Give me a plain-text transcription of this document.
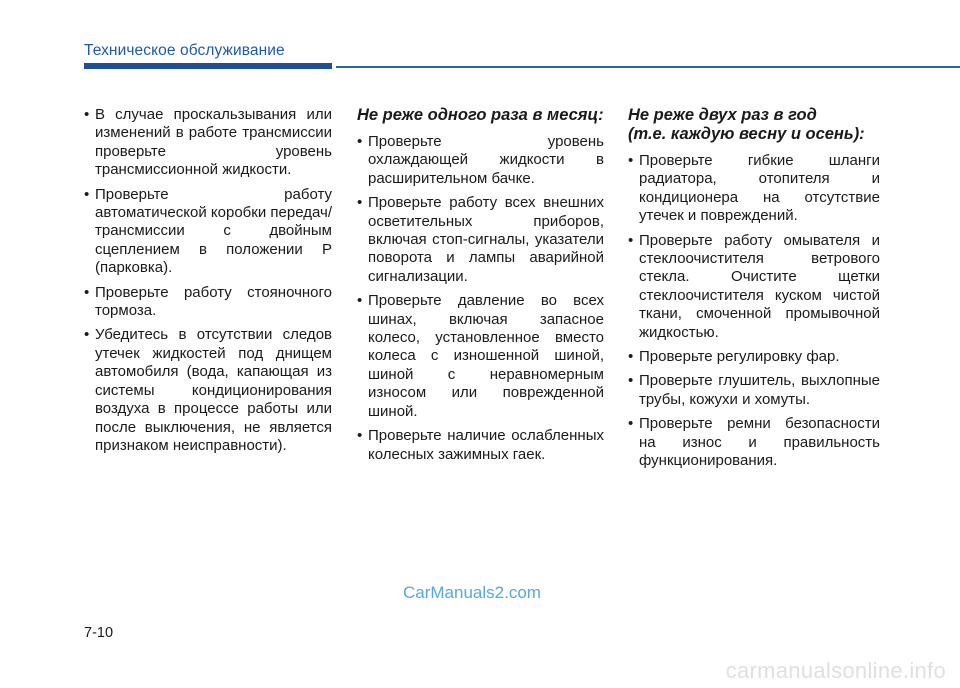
Техническое обслуживание
• В случае проскальзывания или изменений в работе трансмиссии проверьте уровень трансмиссионной жидкости.
• Проверьте работу автоматической коробки передач/трансмиссии с двойным сцеплением в положении P (парковка).
• Проверьте работу стояночного тормоза.
• Убедитесь в отсутствии следов утечек жидкостей под днищем автомобиля (вода, капающая из системы кондиционирования воздуха в процессе работы или после выключения, не является признаком неисправности).
Не реже одного раза в месяц:
• Проверьте уровень охлаждающей жидкости в расширительном бачке.
• Проверьте работу всех внешних осветительных приборов, включая стоп-сигналы, указатели поворота и лампы аварийной сигнализации.
• Проверьте давление во всех шинах, включая запасное колесо, установленное вместо колеса с изношенной шиной, шиной с неравномерным износом или поврежденной шиной.
• Проверьте наличие ослабленных колесных зажимных гаек.
Не реже двух раз в год
(т.е. каждую весну и осень):
• Проверьте гибкие шланги радиатора, отопителя и кондиционера на отсутствие утечек и повреждений.
• Проверьте работу омывателя и стеклоочистителя ветрового стекла. Очистите щетки стеклоочистителя куском чистой ткани, смоченной промывочной жидкостью.
• Проверьте регулировку фар.
• Проверьте глушитель, выхлопные трубы, кожухи и хомуты.
• Проверьте ремни безопасности на износ и правильность функционирования.
CarManuals2.com
7-10
carmanualsonline.info
